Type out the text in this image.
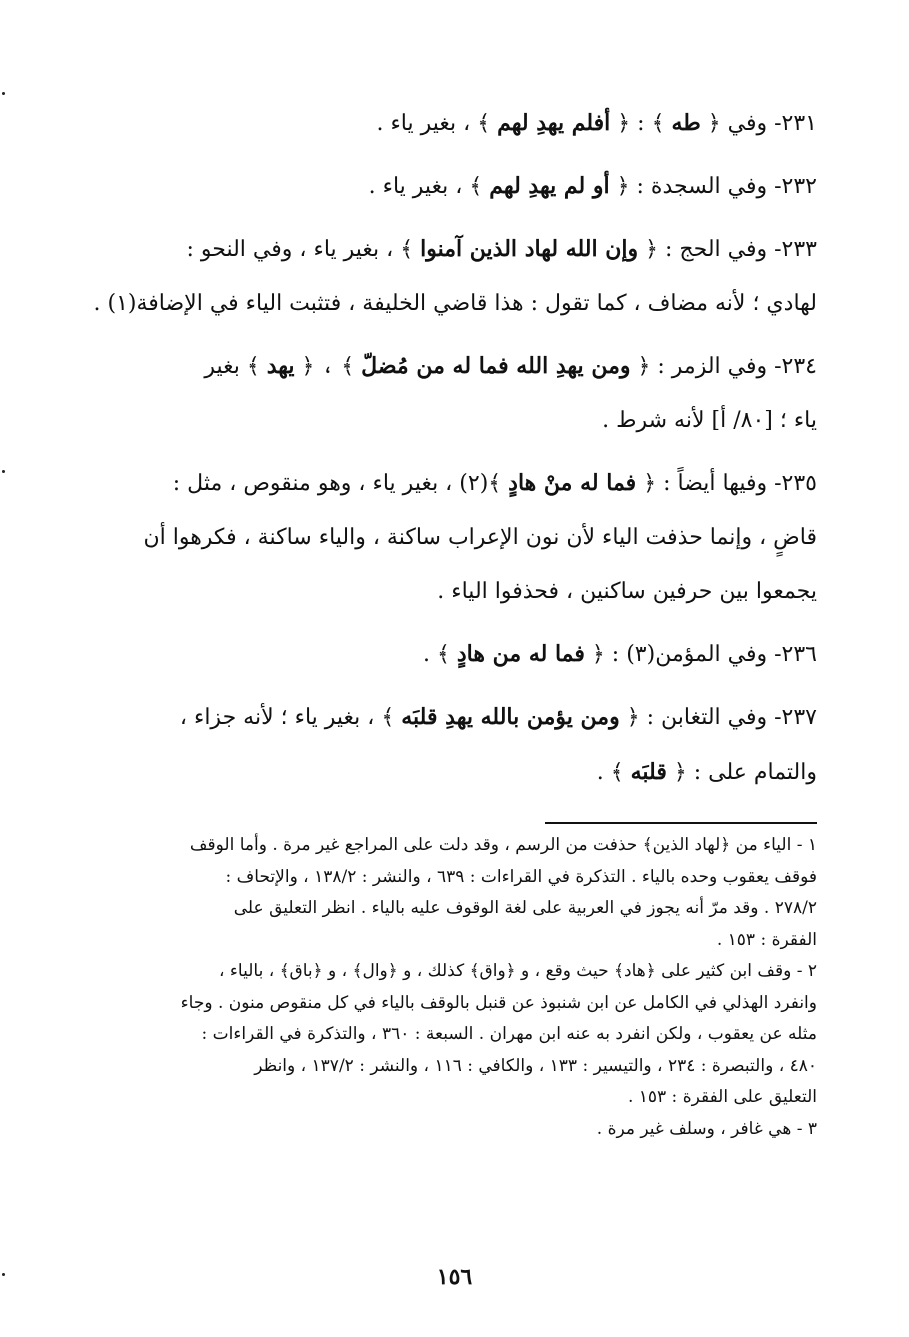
٢٣١- وفي ﴿ طه ﴾ : ﴿ أفلم يهدِ لهم ﴾ ، بغير ياء .
٢٣٢- وفي السجدة : ﴿ أو لم يهدِ لهم ﴾ ، بغير ياء .
٢٣٣- وفي الحج : ﴿ وإن الله لهاد الذين آمنوا ﴾ ، بغير ياء ، وفي النحو :
لهادي ؛ لأنه مضاف ، كما تقول : هذا قاضي الخليفة ، فتثبت الياء في الإضافة(١) .
٢٣٤- وفي الزمر : ﴿ ومن يهدِ الله فما له من مُضلّ ﴾ ، ﴿ يهد ﴾ بغير
ياء ؛ [٨٠/ أ] لأنه شرط .
٢٣٥- وفيها أيضاً : ﴿ فما له منْ هادٍ ﴾(٢) ، بغير ياء ، وهو منقوص ، مثل :
قاضٍ ، وإنما حذفت الياء لأن نون الإعراب ساكنة ، والياء ساكنة ، فكرهوا أن
يجمعوا بين حرفين ساكنين ، فحذفوا الياء .
٢٣٦- وفي المؤمن(٣) : ﴿ فما له من هادٍ ﴾ .
٢٣٧- وفي التغابن : ﴿ ومن يؤمن بالله يهدِ قلبَه ﴾ ، بغير ياء ؛ لأنه جزاء ،
والتمام على : ﴿ قلبَه ﴾ .
١ - الياء من ﴿لهاد الذين﴾ حذفت من الرسم ، وقد دلت على المراجع غير مرة . وأما الوقف
فوقف يعقوب وحده بالياء . التذكرة في القراءات : ٦٣٩ ، والنشر : ١٣٨/٢ ، والإتحاف :
٢٧٨/٢ . وقد مرّ أنه يجوز في العربية على لغة الوقوف عليه بالياء . انظر التعليق على
الفقرة : ١٥٣ .
٢ - وقف ابن كثير على ﴿هاد﴾ حيث وقع ، و ﴿واق﴾ كذلك ، و ﴿وال﴾ ، و ﴿باق﴾ ، بالياء ،
وانفرد الهذلي في الكامل عن ابن شنبوذ عن قنبل بالوقف بالياء في كل منقوص منون . وجاء
مثله عن يعقوب ، ولكن انفرد به عنه ابن مهران . السبعة : ٣٦٠ ، والتذكرة في القراءات :
٤٨٠ ، والتبصرة : ٢٣٤ ، والتيسير : ١٣٣ ، والكافي : ١١٦ ، والنشر : ١٣٧/٢ ، وانظر
التعليق على الفقرة : ١٥٣ .
٣ - هي غافر ، وسلف غير مرة .
١٥٦
